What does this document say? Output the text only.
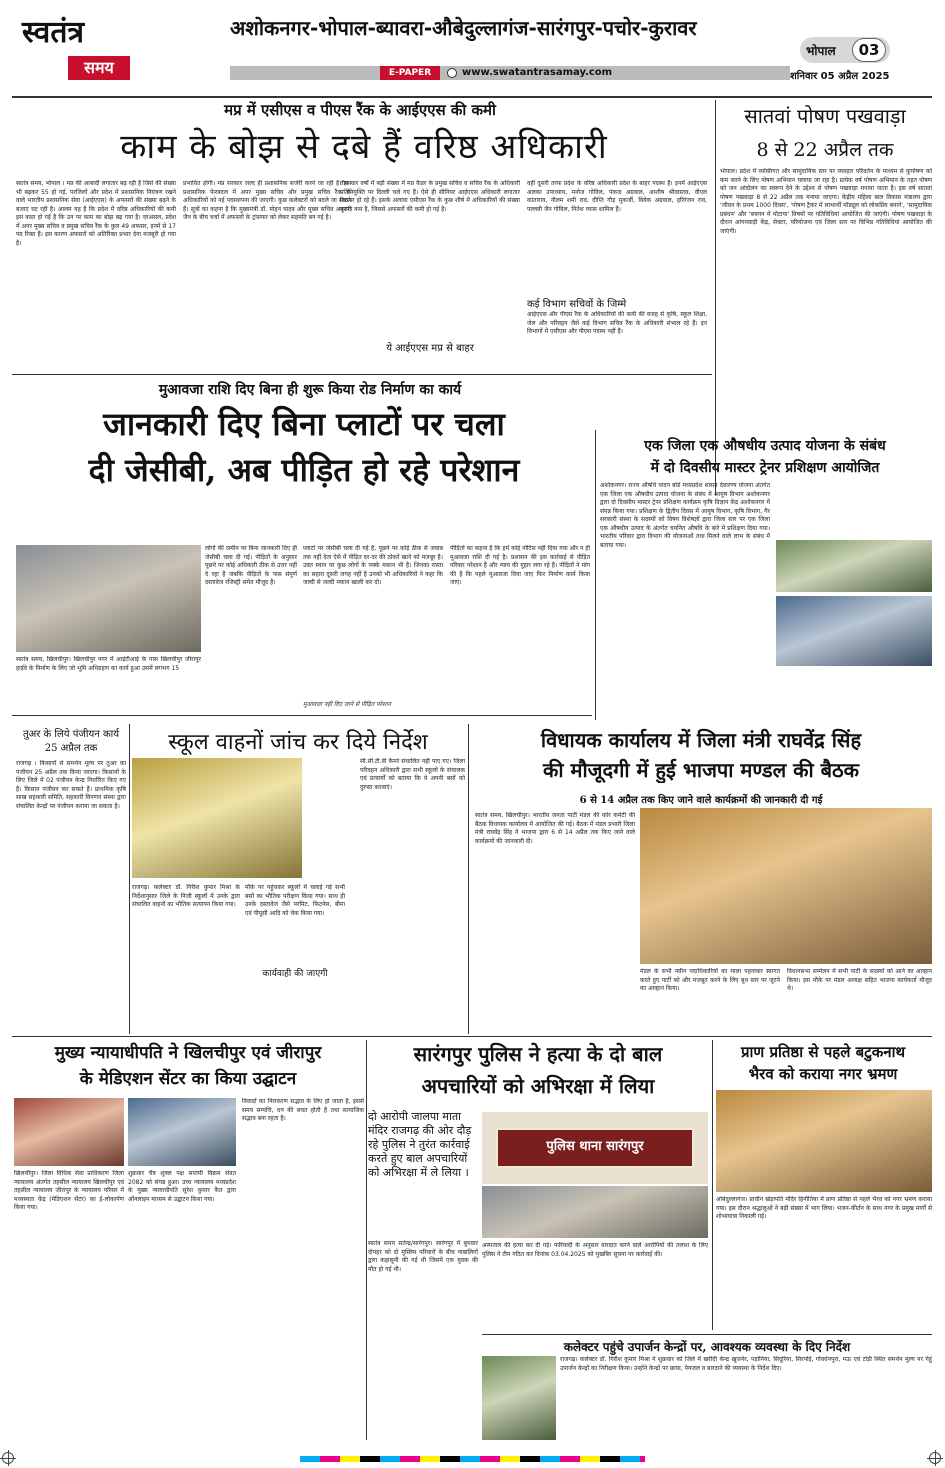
स्वतंत्र
समय
अशोकनगर-भोपाल-ब्यावरा-औबेदुल्लागंज-सारंगपुर-पचोर-कुरावर
E-PAPER	www.swatantrasamay.com
भोपाल	03
शनिवार 05 अप्रैल 2025
मप्र में एसीएस व पीएस रैंक के आईएएस की कमी
काम के बोझ से दबे हैं वरिष्ठ अधिकारी
स्वतंत्र समय, भोपाल । मप्र की आबादी लगातार बढ़ रही है जिसे की संख्या भी बढ़कर 55 हो गई, परजिलों और प्रदेश में प्रशासनिक नियंत्रण रखने वाले भारतीय प्रशासनिक सेवा (आईएएस) के अफसरों की संख्या बढ़ने के बजाए घट रही है। आलम यह है कि प्रदेश में वरिष्ठ अधिकारियों की कमी इस कदर हो गई है कि उन पर काम का बोझ बढ़ गया है। दरअसल, प्रदेश में अपर मुख्य सचिव व प्रमुख सचिव रैंक के कुल 49 अफसर, इनमें से 17 पद रिक्त हैं। इस कारण अफसरों को अतिरिक्त प्रभार देना मजबूरी हो गया है।
प्रभावित होगी। मप्र सरकार जल्द ही प्रशासनिक सर्जरी करने जा रही है। इस प्रशासनिक फेरबदल में अपर मुख्य सचिव और प्रमुख सचिव रैंक के अधिकारियों को नई पदस्थापना की जाएगी। कुछ कलेक्टरों को बदले जा सकते हैं। सूत्रों का कहना है कि मुख्यमंत्री डॉ. मोहन यादव और मुख्य सचिव अनुराग जैन के बीच चर्चा में अफसरों के ट्रांसफर को लेकर सहमति बन गई है।
तीन-चार वर्षों में बड़ी संख्या में मप्र कैडर के प्रमुख सचिव व सचिव रैंक के अधिकारी प्रतिनियुक्ति पर दिल्ली चले गए हैं। ऐसे ही सीनियर आईएएस अधिकारी लगातार रिटायर हो रहे हैं। इसके अलावा एसीएस रैंक के कुछ शीर्ष में अधिकारियों की संख्या काफी कम है, जिससे अफसरों की कमी हो गई है।
ये आईएएस मप्र से बाहर
वहीं दूसरी तरफ प्रदेश के वरिष्ठ अधिकारी प्रदेश के बाहर पदस्थ हैं। इनमें आईएएस अलका उपाध्याय, मनोज गोविल, पंकज अग्रवाल, आशीष श्रीवास्तव, वीएल कांताराव, नीलम शमी राव, दीप्ति गौड़ मुकर्जी, विवेक अग्रवाल, हरिरंजन राव, पल्लवी जैन गोविल, नितेश व्यास शामिल हैं।
कई विभाग सचिवों के जिम्मे
आईएएस और पीएस रैंक के अधिकारियों की कमी की वजह से कृषि, स्कूल शिक्षा, जेल और परिवहन जैसे कई विभाग सचिव रैंक के अधिकारी संभाल रहे हैं। इन विभागों में एसीएस और पीएस पदस्थ नहीं हैं।
सातवां पोषण पखवाड़ा
8 से 22 अप्रैल तक
भोपाल। प्रदेश में व्यक्तिगत और सामुदायिक स्तर पर व्यवहार परिवर्तन के माध्यम से कुपोषण को कम करने के लिए पोषण अभियान चलाया जा रहा है। प्रत्येक वर्ष पोषण अभियान के तहत पोषण को जन आंदोलन का स्वरूप देने के उद्देश्य से पोषण पखवाड़ा मनाया जाता है। इस वर्ष सातवां पोषण पखवाड़ा 8 से 22 अप्रैल तक मनाया जाएगा। केंद्रीय महिला बाल विकास मंत्रालय द्वारा 'जीवन के प्रथम 1000 दिवस', 'पोषण ट्रैकर में लाभार्थी मॉड्यूल को लोकप्रिय बनाने', 'सामुदायिक प्रबंधन' और 'बचपन में मोटापा' विषयों पर गतिविधियां आयोजित की जाएंगी। पोषण पखवाड़ा के दौरान आंगनवाड़ी केंद्र, सेक्टर, परियोजना एवं जिला स्तर पर विभिन्न गतिविधियां आयोजित की जाएंगी।
मुआवजा राशि दिए बिना ही शुरू किया रोड निर्माण का कार्य
जानकारी दिए बिना प्लाटों पर चला
दी जेसीबी, अब पीड़ित हो रहे परेशान
स्वतंत्र समय, खिलचीपुर। खिलचीपुर नगर में आईटीआई के पास खिलचीपुर जीरापुर हाईवे के निर्माण के लिए जो भूमि अधिग्रहण का कार्य हुआ उसमें लगभग 15
लोगों की जमीन पर बिना जानकारी दिए ही जेसीबी चला दी गई। पीड़ितों के अनुसार पूछने पर कोई अधिकारी ठीक से उत्तर नहीं दे रहा है जबकि पीड़ितों के पास संपूर्ण दस्तावेज रजिस्ट्री समेत मौजूद है।
प्लाटों पर जेसीबी चला दी गई है, पूछने पर कोई ठीक से जवाब तक नहीं देता ऐसे में पीड़ित दर-दर की ठोकरें खाने को मजबूर है। उक्त स्थान पर कुछ लोगों के पक्के मकान भी हैं। जिनका रास्ता का सहारा दूसरी जगह नहीं है उनको भी अधिकारियों ने कहा कि जल्दी से जल्दी मकान खाली कर दो।
पीड़ितों का कहना है कि हमें कोई नोटिस नहीं दिया गया और न ही मुआवजा राशि दी गई है। प्रशासन की इस कार्रवाई से पीड़ित परिवार परेशान हैं और न्याय की गुहार लगा रहे हैं। पीड़ितों ने मांग की है कि पहले मुआवजा दिया जाए फिर निर्माण कार्य किया जाए।
मुआवजा नहीं दिए जाने से पीड़ित परेशान
एक जिला एक औषधीय उत्पाद योजना के संबंध
में दो दिवसीय मास्टर ट्रेनर प्रशिक्षण आयोजित
अशोकनगर। राज्य औषधि पादप बोर्ड मध्यप्रदेश शासन देवारण्य योजना अंतर्गत एक जिला एक औषधीय उत्पाद योजना के संबंध में आयुष विभाग अशोकनगर द्वारा दो दिवसीय मास्टर ट्रेनर प्रशिक्षण कार्यक्रम कृषि विज्ञान केंद्र अशोकनगर में संपन्न किया गया। प्रशिक्षण के द्वितीय दिवस में आयुष विभाग, कृषि विभाग, गैर सरकारी संस्था के सदस्यों को विषय विशेषज्ञों द्वारा जिला स्तर पर एक जिला एक औषधीय उत्पाद के अंतर्गत चयनित औषधि के बारे में प्रशिक्षण दिया गया। भारतीय परिवार द्वारा विभाग की योजनाओं तथा मिलने वाले लाभ के संबंध में बताया गया।
तुअर के लिये पंजीयन कार्य 25 अप्रैल तक
राजगढ़ । किसानों से समर्थन मूल्य पर तुअर का पंजीयन 25 अप्रैल तक किया जाएगा। किसानों के लिए जिले में 02 पंजीयन केन्द्र निर्धारित किए गए हैं। किसान पंजीयन कर सकते हैं। प्राथमिक कृषि साख सहकारी समिति, सहकारी विपणन संस्था द्वारा संचालित केन्द्रों पर पंजीयन कराया जा सकता है।
स्कूल वाहनों जांच कर दिये निर्देश
राजगढ़। कलेक्टर डॉ. गिरीश कुमार मिश्रा के निर्देशानुसार जिले के निजी स्कूलों में उनके द्वारा संचालित वाहनों का भौतिक सत्यापन किया गया।
मौके पर पहुंचकर स्कूलों में चलाई गई सभी बसों का भौतिक परीक्षण किया गया। साथ ही उनके दस्तावेज जैसे परमिट, फिटनेस, बीमा एवं पीयूसी आदि को चेक किया गया।
कार्यवाही की जाएगी
सी.सी.टी.वी कैमरे संचालित नहीं पाए गए। जिला परिवहन अधिकारी द्वारा सभी स्कूलों के संचालक एवं प्राचार्यों को बताया कि वे अपनी बसों को दुरुस्त करवाएं।
विधायक कार्यालय में जिला मंत्री राघवेंद्र सिंह
की मौजूदगी में हुई भाजपा मण्डल की बैठक
6 से 14 अप्रैल तक किए जाने वाले कार्यक्रमों की जानकारी दी गई
स्वतंत्र समय, खिलचीपुर। भारतीय जनता पार्टी मंडल की कोर कमेटी की बैठक विधायक कार्यालय में आयोजित की गई। बैठक में मंडल प्रभारी जिला मंत्री राघवेंद्र सिंह ने भाजपा द्वारा 6 से 14 अप्रैल तक किए जाने वाले कार्यक्रमों की जानकारी दी।
मंडल के सभी नवीन पदाधिकारियों का माला पहनाकर स्वागत करते हुए पार्टी को और मजबूत करने के लिए बूथ स्तर पर जुटने का आव्हान किया।
विधानसभा सम्मेलन में सभी पार्टी के सदस्यों को आने का आव्हान किया। इस मौके पर मंडल अध्यक्ष सहित भाजपा कार्यकर्ता मौजूद थे।
मुख्य न्यायाधीपति ने खिलचीपुर एवं जीरापुर
के मेडिएशन सेंटर का किया उद्घाटन
खिलचीपुर। जिला विधिक सेवा प्राधिकरण जिला न्यायालय अंतर्गत तहसील न्यायालय खिलचीपुर एवं तहसील न्यायालय जीरापुर के न्यायालय परिसर में मध्यस्थता केंद्र (मेडिएशन सेंटर) का ई-लोकार्पण किया गया।
शुक्रवार चैत्र शुक्ल पक्ष सप्तमी विक्रम संवत 2082 को संपन्न हुआ। उच्च न्यायालय मध्यप्रदेश के मुख्य न्यायाधीपति सुरेश कुमार कैत द्वारा ऑनलाइन माध्यम से उद्घाटन किया गया।
विवादों का निराकरण सद्भाव के लिए हो जाता है, इससे समय सम्पत्ति, धन की बचत होती है तथा सामाजिक सद्भाव बना रहता है।
सारंगपुर पुलिस ने हत्या के दो बाल
अपचारियों को अभिरक्षा में लिया
दो आरोपी जालपा माता मंदिर राजगढ़ की ओर दौड़ रहे पुलिस ने तुरंत कार्रवाई करते हुए बाल अपचारियों को अभिरक्षा में ले लिया ।
पुलिस थाना सारंगपुर
स्वतंत्र समय सतेन्द्र/सारंगपुर। सारंगपुर में बुधवार दोपहर को दो मुस्लिम परिवारों के बीच नाबालिगों द्वारा कहासुनी की गई थी जिसमें एक युवक की मौत हो गई थी।
अस्पताल की हत्या कर दी गई। फरियादी के अनुसार वारदात करने वाले आरोपियों की तलाश के लिए पुलिस ने टीम गठित कर दिनांक 03.04.2025 को मुखबिर सूचना पर कार्रवाई की।
प्राण प्रतिष्ठा से पहले बटुकनाथ
भैरव को कराया नगर भ्रमण
ओबेदुल्लागंज। प्राचीन खेड़ापति मंदिर हिनौतिया में प्राण प्रतिष्ठा से पहले भैरव को नगर भ्रमण कराया गया। इस दौरान श्रद्धालुओं ने बड़ी संख्या में भाग लिया। भजन-कीर्तन के साथ नगर के प्रमुख मार्गों से शोभायात्रा निकाली गई।
कलेक्टर पहुंचे उपार्जन केन्द्रों पर, आवश्यक व्यवस्था के दिए निर्देश
राजगढ़। कलेक्टर डॉ. गिरीश कुमार मिश्रा ने शुक्रवार को जिले में खरीदी केन्द्र खुजनेर, पड़ोनिया, सिंदूरिया, सिरपोई, गोवर्धनपुरा, मऊ एवं टोड़ी स्थित समर्थन मूल्य पर गेहूं उपार्जन केन्द्रों का निरीक्षण किया। उन्होंने केन्द्रों पर छाया, पेयजल व बारदाने की व्यवस्था के निर्देश दिए।
